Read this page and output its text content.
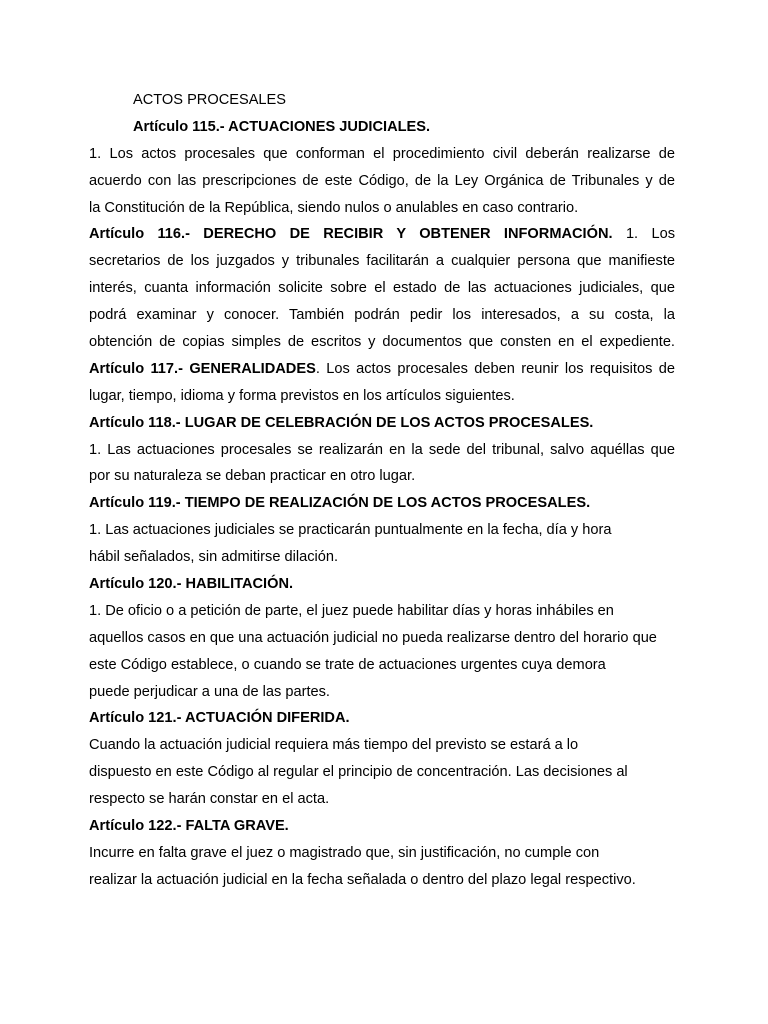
ACTOS PROCESALES
Artículo 115.- ACTUACIONES JUDICIALES.
1. Los actos procesales que conforman el procedimiento civil deberán realizarse de
acuerdo con las prescripciones de este Código, de la Ley Orgánica de Tribunales y de
la Constitución de la República, siendo nulos o anulables en caso contrario.
Artículo 116.- DERECHO DE RECIBIR Y OBTENER INFORMACIÓN. 1. Los
secretarios de los juzgados y tribunales facilitarán a cualquier persona que manifieste
interés, cuanta información solicite sobre el estado de las actuaciones judiciales, que
podrá examinar y conocer. También podrán pedir los interesados, a su costa, la
obtención de copias simples de escritos y documentos que consten en el expediente.
Artículo 117.- GENERALIDADES. Los actos procesales deben reunir los requisitos de
lugar, tiempo, idioma y forma previstos en los artículos siguientes.
Artículo 118.- LUGAR DE CELEBRACIÓN DE LOS ACTOS PROCESALES.
1. Las actuaciones procesales se realizarán en la sede del tribunal, salvo aquéllas que
por su naturaleza se deban practicar en otro lugar.
Artículo 119.- TIEMPO DE REALIZACIÓN DE LOS ACTOS PROCESALES.
1. Las actuaciones judiciales se practicarán puntualmente en la fecha, día y hora
hábil señalados, sin admitirse dilación.
Artículo 120.- HABILITACIÓN.
1. De oficio o a petición de parte, el juez puede habilitar días y horas inhábiles en
aquellos casos en que una actuación judicial no pueda realizarse dentro del horario que
este Código establece, o cuando se trate de actuaciones urgentes cuya demora
puede perjudicar a una de las partes.
Artículo 121.- ACTUACIÓN DIFERIDA.
Cuando la actuación judicial requiera más tiempo del previsto se estará a lo
dispuesto en este Código al regular el principio de concentración. Las decisiones al
respecto se harán constar en el acta.
Artículo 122.- FALTA GRAVE.
Incurre en falta grave el juez o magistrado que, sin justificación, no cumple con
realizar la actuación judicial en la fecha señalada o dentro del plazo legal respectivo.
